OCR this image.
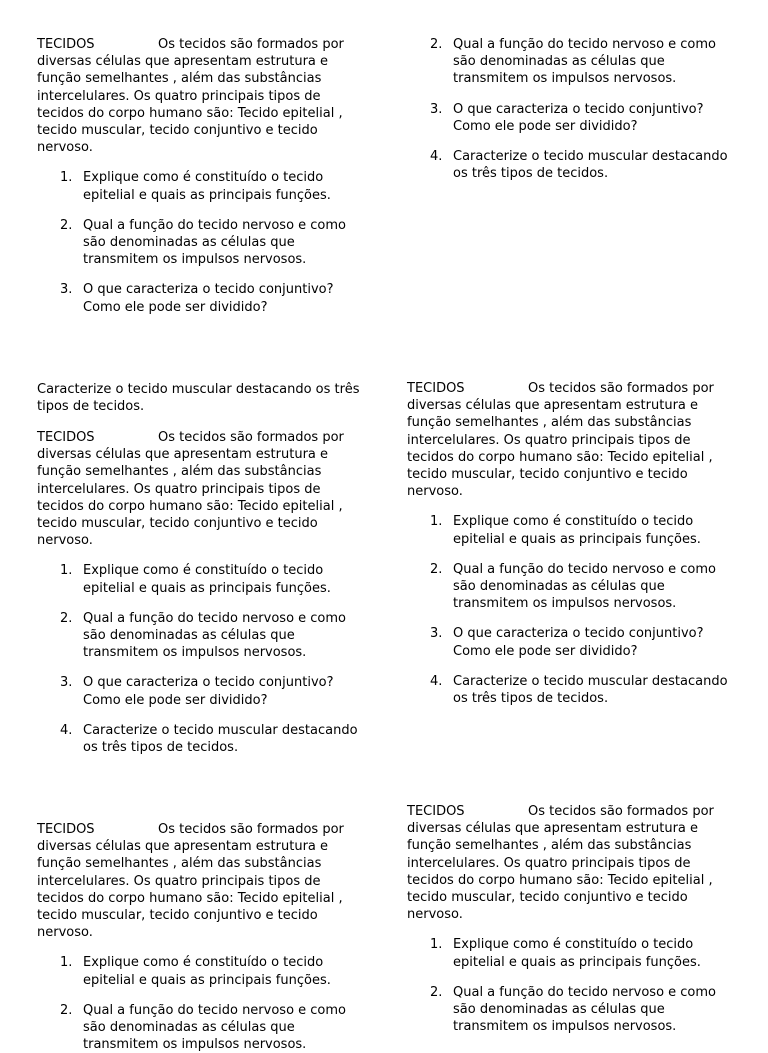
TECIDOS	Os tecidos são formados por diversas células que apresentam estrutura e função semelhantes , além das substâncias intercelulares. Os quatro principais tipos de tecidos do corpo humano são: Tecido epitelial , tecido muscular, tecido conjuntivo e tecido nervoso.

1. Explique como é constituído o tecido epitelial e quais as principais funções.
2. Qual a função do tecido nervoso e como são denominadas as células que transmitem os impulsos nervosos.
3. O que caracteriza o tecido conjuntivo? Como ele pode ser dividido?
2. Qual a função do tecido nervoso e como são denominadas as células que transmitem os impulsos nervosos.
3. O que caracteriza o tecido conjuntivo? Como ele pode ser dividido?
4. Caracterize o tecido muscular destacando os três tipos de tecidos.

Caracterize o tecido muscular destacando os três tipos de tecidos.

TECIDOS	Os tecidos são formados por diversas células que apresentam estrutura e função semelhantes , além das substâncias intercelulares. Os quatro principais tipos de tecidos do corpo humano são: Tecido epitelial , tecido muscular, tecido conjuntivo e tecido nervoso.

1. Explique como é constituído o tecido epitelial e quais as principais funções.
2. Qual a função do tecido nervoso e como são denominadas as células que transmitem os impulsos nervosos.
3. O que caracteriza o tecido conjuntivo? Como ele pode ser dividido?
4. Caracterize o tecido muscular destacando os três tipos de tecidos.

TECIDOS	Os tecidos são formados por diversas células que apresentam estrutura e função semelhantes , além das substâncias intercelulares. Os quatro principais tipos de tecidos do corpo humano são: Tecido epitelial , tecido muscular, tecido conjuntivo e tecido nervoso.

1. Explique como é constituído o tecido epitelial e quais as principais funções.
2. Qual a função do tecido nervoso e como são denominadas as células que transmitem os impulsos nervosos.
3. O que caracteriza o tecido conjuntivo? Como ele pode ser dividido?
4. Caracterize o tecido muscular destacando os três tipos de tecidos.

TECIDOS	Os tecidos são formados por diversas células que apresentam estrutura e função semelhantes , além das substâncias intercelulares. Os quatro principais tipos de tecidos do corpo humano são: Tecido epitelial , tecido muscular, tecido conjuntivo e tecido nervoso.

1. Explique como é constituído o tecido epitelial e quais as principais funções.
2. Qual a função do tecido nervoso e como são denominadas as células que transmitem os impulsos nervosos.

TECIDOS	Os tecidos são formados por diversas células que apresentam estrutura e função semelhantes , além das substâncias intercelulares. Os quatro principais tipos de tecidos do corpo humano são: Tecido epitelial , tecido muscular, tecido conjuntivo e tecido nervoso.

1. Explique como é constituído o tecido epitelial e quais as principais funções.
2. Qual a função do tecido nervoso e como são denominadas as células que transmitem os impulsos nervosos.
